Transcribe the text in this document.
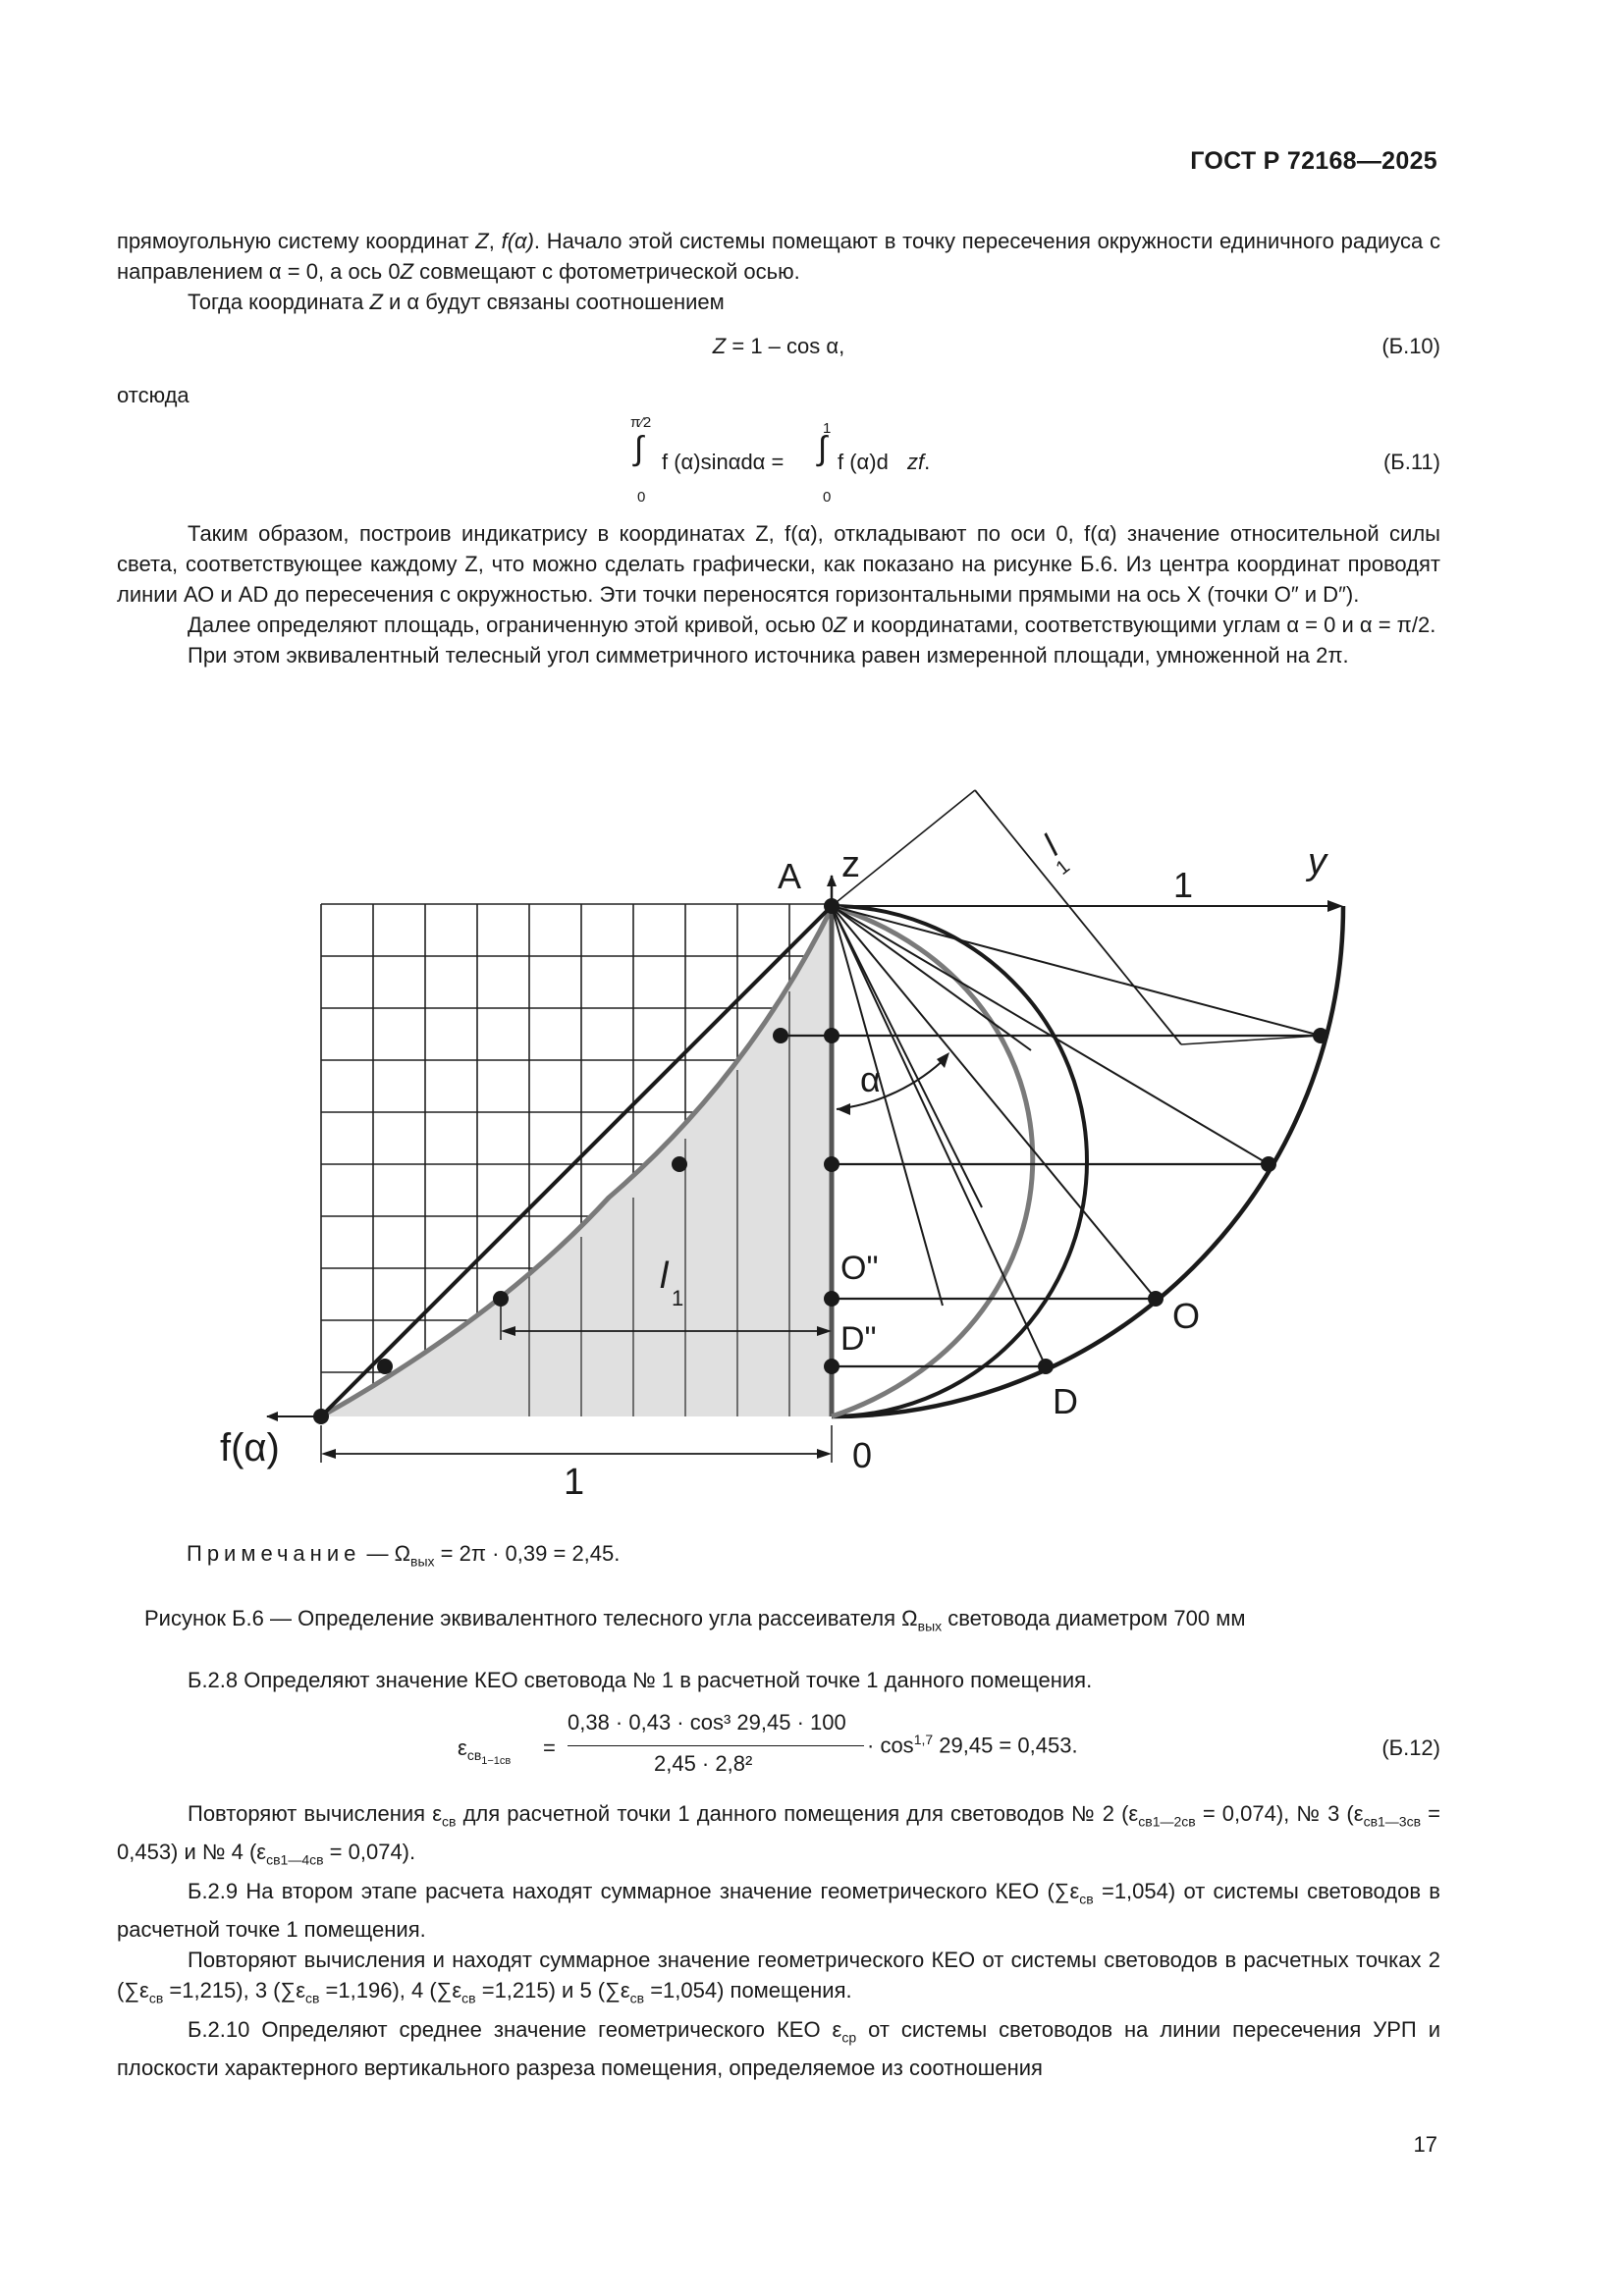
ГОСТ Р 72168—2025

прямоугольную систему координат Z, f(α). Начало этой системы помещают в точку пересечения окружности единичного радиуса с направлением α = 0, а ось 0Z совмещают с фотометрической осью.

Тогда координата Z и α будут связаны соотношением

Z = 1 – cos α,	(Б.10)

отсюда

π⁄2
∫
0
f (α)sinαdα =
1
∫
0
f (α)d zf.	(Б.11)

Таким образом, построив индикатрису в координатах Z, f(α), откладывают по оси 0, f(α) значение относительной силы света, соответствующее каждому Z, что можно сделать графически, как показано на рисунке Б.6. Из центра координат проводят линии АО и AD до пересечения с окружностью. Эти точки переносятся горизонтальными прямыми на ось X (точки O″ и D″).

Далее определяют площадь, ограниченную этой кривой, осью 0Z и координатами, соответствующими углам α = 0 и α = π/2.

При этом эквивалентный телесный угол симметричного источника равен измеренной площади, умноженной на 2π.

A z	y
1
l
1
α
O"
D"
l
1	O
D
f(α)
1
0
Примечание — $\Omega_{вых} = 2\pi \cdot 0,39 = 2,45$.
Рисунок Б.6 — Определение эквивалентного телесного угла рассеивателя $\Omega_{вых}$ световода диаметром 700 мм

Б.2.8 Определяют значение КЕО световода № 1 в расчетной точке 1 данного помещения.

$\varepsilon_{св_{1-1св}}$
=
0,38 · 0,43 · cos³ 29,45 · 100
2,45 · 2,8²
· $\cos^{1,7} 29,45 = 0,453$.	(Б.12)

Повторяют вычисления $\varepsilon_{св}$ для расчетной точки 1 данного помещения для световодов № 2 $(\varepsilon_{св1—2св} = 0,074)$, № 3 $(\varepsilon_{св1—3св} = 0,453)$ и № 4 $(\varepsilon_{св1—4св} = 0,074)$.

Б.2.9 На втором этапе расчета находят суммарное значение геометрического КЕО $(\sum\varepsilon_{св} =1,054)$ от системы световодов в расчетной точке 1 помещения.

Повторяют вычисления и находят суммарное значение геометрического КЕО от системы световодов в расчетных точках 2 $(\sum\varepsilon_{св} =1,215)$, 3 $(\sum\varepsilon_{св} =1,196)$, 4 $(\sum\varepsilon_{св} =1,215)$ и 5 $(\sum\varepsilon_{св} =1,054)$ помещения.

Б.2.10 Определяют среднее значение геометрического КЕО $\varepsilon_{ср}$ от системы световодов на линии пересечения УРП и плоскости характерного вертикального разреза помещения, определяемое из соотношения

17
